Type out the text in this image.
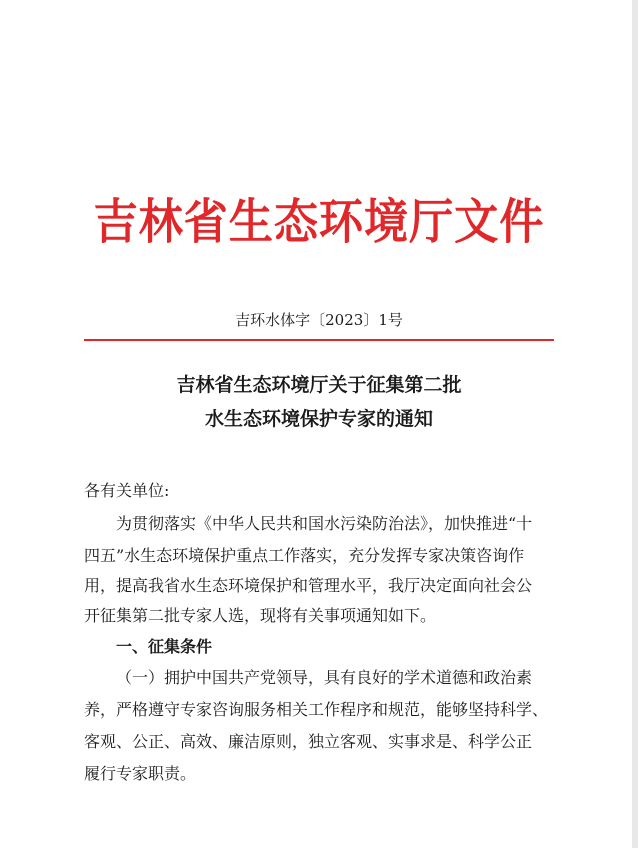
吉林省生态环境厅文件
吉环水体字〔2023〕1号
吉林省生态环境厅关于征集第二批
水生态环境保护专家的通知
各有关单位:
为贯彻落实《中华人民共和国水污染防治法》，加快推进“十
四五”水生态环境保护重点工作落实，充分发挥专家决策咨询作
用，提高我省水生态环境保护和管理水平，我厅决定面向社会公
开征集第二批专家人选，现将有关事项通知如下。
一、征集条件
（一）拥护中国共产党领导，具有良好的学术道德和政治素
养，严格遵守专家咨询服务相关工作程序和规范，能够坚持科学、
客观、公正、高效、廉洁原则，独立客观、实事求是、科学公正
履行专家职责。
